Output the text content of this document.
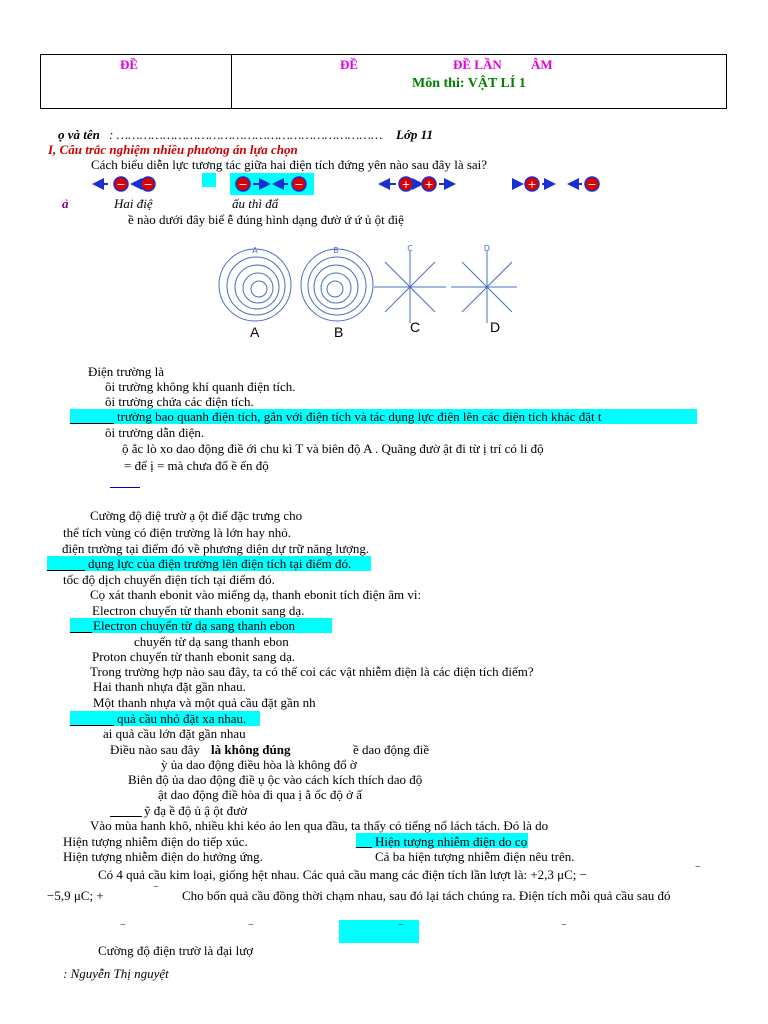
ĐỀ	ĐỀ	ĐỀ LẦN ÂM
Môn thi: VẬT LÍ 1
ọ và tên : …………………………………………………………… Lớp 11
I, Câu trắc nghiệm nhiều phương án lựa chọn
Cách biểu diễn lực tương tác giữa hai điện tích đứng yên nào sau đây là sai?
− −	−	−	+ +	+	−
ả	Hai điệ	ấu thì đẩ
ề nào dưới đây biể ễ đúng hình dạng đườ ứ ứ ủ ột điệ
A	B	C	D
A	B	C	D
Điện trường là
ôi trường không khí quanh điện tích.
ôi trường chứa các điện tích.
trường bao quanh điện tích, gắn với điện tích và tác dụng lực điện lên các điện tích khác đặt t
ôi trường dẫn điện.
ộ ắc lò xo dao động điề ới chu kì T và biên độ A . Quãng đườ ật đi từ ị trí có li độ
= để ị = mà chưa đổ ề ển độ
Cường độ điệ trườ ạ ột điể đặc trưng cho
thể tích vùng có điện trường là lớn hay nhỏ.
điện trường tại điểm đó về phương diện dự trữ năng lượng.
dụng lực của điện trường lên điện tích tại điểm đó.
tốc độ dịch chuyển điện tích tại điểm đó.
Cọ xát thanh ebonit vào miếng dạ, thanh ebonit tích điện âm vì:
Electron chuyển từ thanh ebonit sang dạ.
Electron chuyển từ dạ sang thanh ebon
chuyển từ dạ sang thanh ebon
Proton chuyển từ thanh ebonit sang dạ.
Trong trường hợp nào sau đây, ta có thể coi các vật nhiễm điện là các điện tích điểm?
Hai thanh nhựa đặt gần nhau.
Một thanh nhựa và một quả cầu đặt gần nh
quả cầu nhỏ đặt xa nhau.
ai quả cầu lớn đặt gần nhau
Điều nào sau đây là không đúng	ề dao động điề
ỳ ủa dao động điều hòa là không đổ ờ
Biên độ ủa dao động điề ụ ộc vào cách kích thích dao độ
ật dao động điề hòa đi qua ị ằ ốc độ ở ấ
ỹ đạ ề độ ủ ậ ột đườ
Vào mùa hanh khô, nhiều khi kéo áo len qua đầu, ta thấy có tiếng nổ lách tách. Đó là do
Hiện tượng nhiễm điện do tiếp xúc.	Hiện tượng nhiễm điện do cọ
Hiện tượng nhiễm điện do hưởng ứng.	Cả ba hiện tượng nhiễm điện nêu trên.
Có 4 quả cầu kim loại, giống hệt nhau. Các quả cầu mang các điện tích lần lượt là: +2,3 μC; −	−
−5,9 μC; +
−
Cho bốn quả cầu đồng thời chạm nhau, sau đó lại tách chúng ra. Điện tích mỗi quả cầu sau đó
−	−	−	−
Cường độ điện trườ là đại lượ
: Nguyễn Thị nguyệt
